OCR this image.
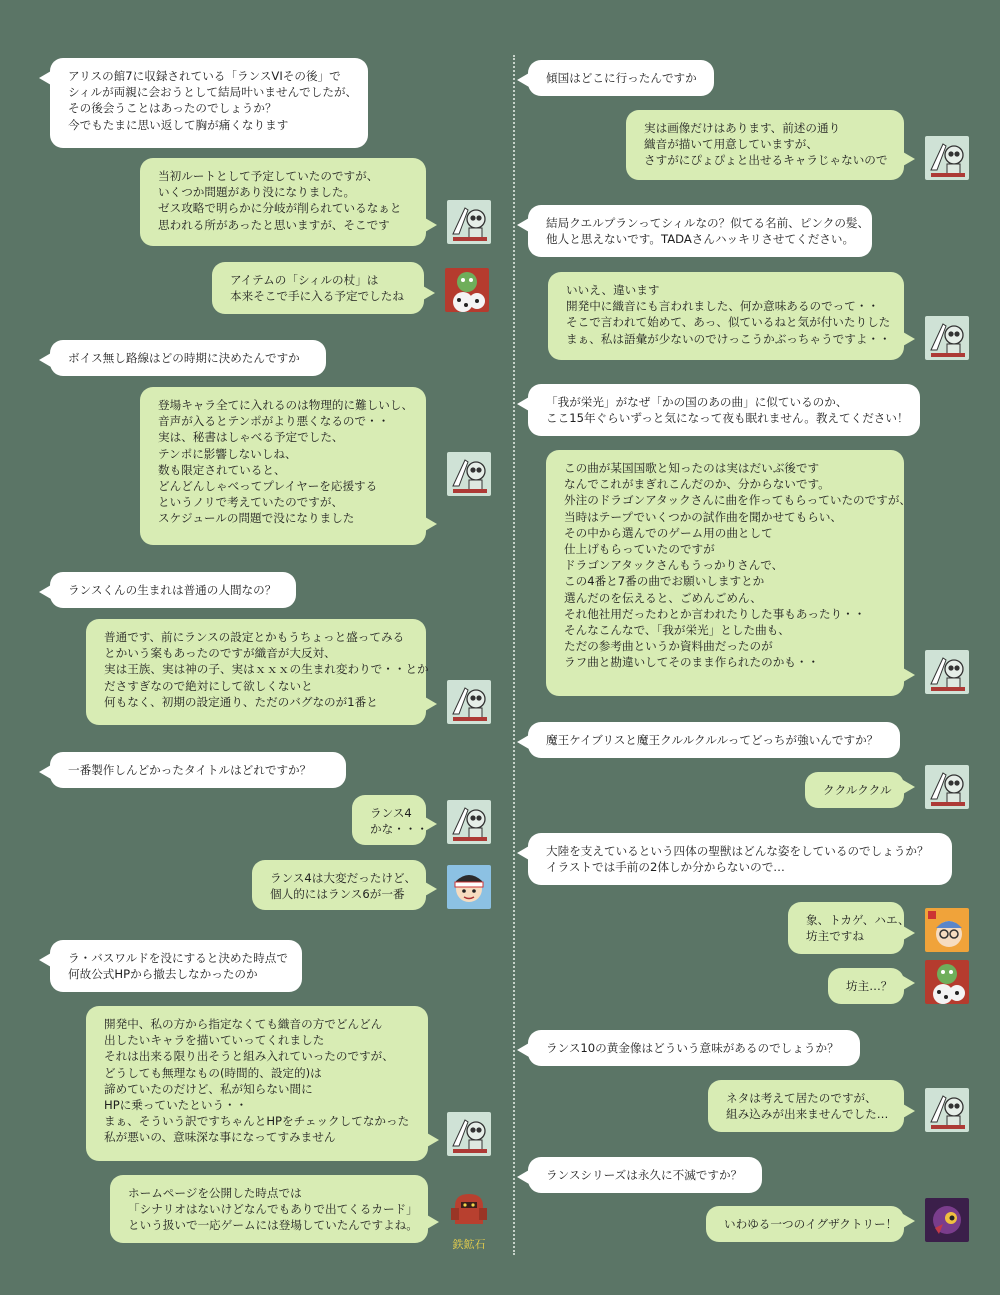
アリスの館7に収録されている「ランスVIその後」で
シィルが両親に会おうとして結局叶いませんでしたが、
その後会うことはあったのでしょうか？
今でもたまに思い返して胸が痛くなります
当初ルートとして予定していたのですが、
いくつか問題があり没になりました。
ゼス攻略で明らかに分岐が削られているなぁと
思われる所があったと思いますが、そこです
アイテムの「シィルの杖」は
本来そこで手に入る予定でしたね
ボイス無し路線はどの時期に決めたんですか
登場キャラ全てに入れるのは物理的に難しいし、
音声が入るとテンポがより悪くなるので・・
実は、秘書はしゃべる予定でした、
テンポに影響しないしね、
数も限定されていると、
どんどんしゃべってプレイヤーを応援する
というノリで考えていたのですが、
スケジュールの問題で没になりました
ランスくんの生まれは普通の人間なの？
普通です、前にランスの設定とかもうちょっと盛ってみる
とかいう案もあったのですが織音が大反対、
実は王族、実は神の子、実はｘｘｘの生まれ変わりで・・とか
ださすぎなので絶対にして欲しくないと
何もなく、初期の設定通り、ただのバグなのが1番と
一番製作しんどかったタイトルはどれですか？
ランス4
かな・・・
ランス4は大変だったけど、
個人的にはランス6が一番
ラ・バスワルドを没にすると決めた時点で
何故公式HPから撤去しなかったのか
開発中、私の方から指定なくても織音の方でどんどん
出したいキャラを描いていってくれました
それは出来る限り出そうと組み入れていったのですが、
どうしても無理なもの(時間的、設定的)は
諦めていたのだけど、私が知らない間に
HPに乗っていたという・・
まぁ、そういう訳ですちゃんとHPをチェックしてなかった
私が悪いの、意味深な事になってすみません
ホームページを公開した時点では
「シナリオはないけどなんでもありで出てくるカード」
という扱いで一応ゲームには登場していたんですよね。
鉄鉱石
傾国はどこに行ったんですか
実は画像だけはあります、前述の通り
織音が描いて用意していますが、
さすがにぴょぴょと出せるキャラじゃないので
結局クエルプランってシィルなの？似てる名前、ピンクの髪、
他人と思えないです。TADAさんハッキリさせてください。
いいえ、違います
開発中に織音にも言われました、何か意味あるのでって・・
そこで言われて始めて、あっ、似ているねと気が付いたりした
まぁ、私は語彙が少ないのでけっこうかぶっちゃうですよ・・
「我が栄光」がなぜ「かの国のあの曲」に似ているのか、
ここ15年ぐらいずっと気になって夜も眠れません。教えてください！
この曲が某国国歌と知ったのは実はだいぶ後です
なんでこれがまぎれこんだのか、分からないです。
外注のドラゴンアタックさんに曲を作ってもらっていたのですが、
当時はテープでいくつかの試作曲を聞かせてもらい、
その中から選んでのゲーム用の曲として
仕上げもらっていたのですが
ドラゴンアタックさんもうっかりさんで、
この4番と7番の曲でお願いしますとか
選んだのを伝えると、ごめんごめん、
それ他社用だったわとか言われたりした事もあったり・・
そんなこんなで、「我が栄光」とした曲も、
ただの参考曲というか資料曲だったのが
ラフ曲と勘違いしてそのまま作られたのかも・・
魔王ケイブリスと魔王クルルクルルってどっちが強いんですか？
ククルククル
大陸を支えているという四体の聖獣はどんな姿をしているのでしょうか？
イラストでは手前の2体しか分からないので…
象、トカゲ、ハエ、
坊主ですね
坊主…？
ランス10の黄金像はどういう意味があるのでしょうか？
ネタは考えて居たのですが、
組み込みが出来ませんでした…
ランスシリーズは永久に不滅ですか？
いわゆる一つのイグザクトリー！
